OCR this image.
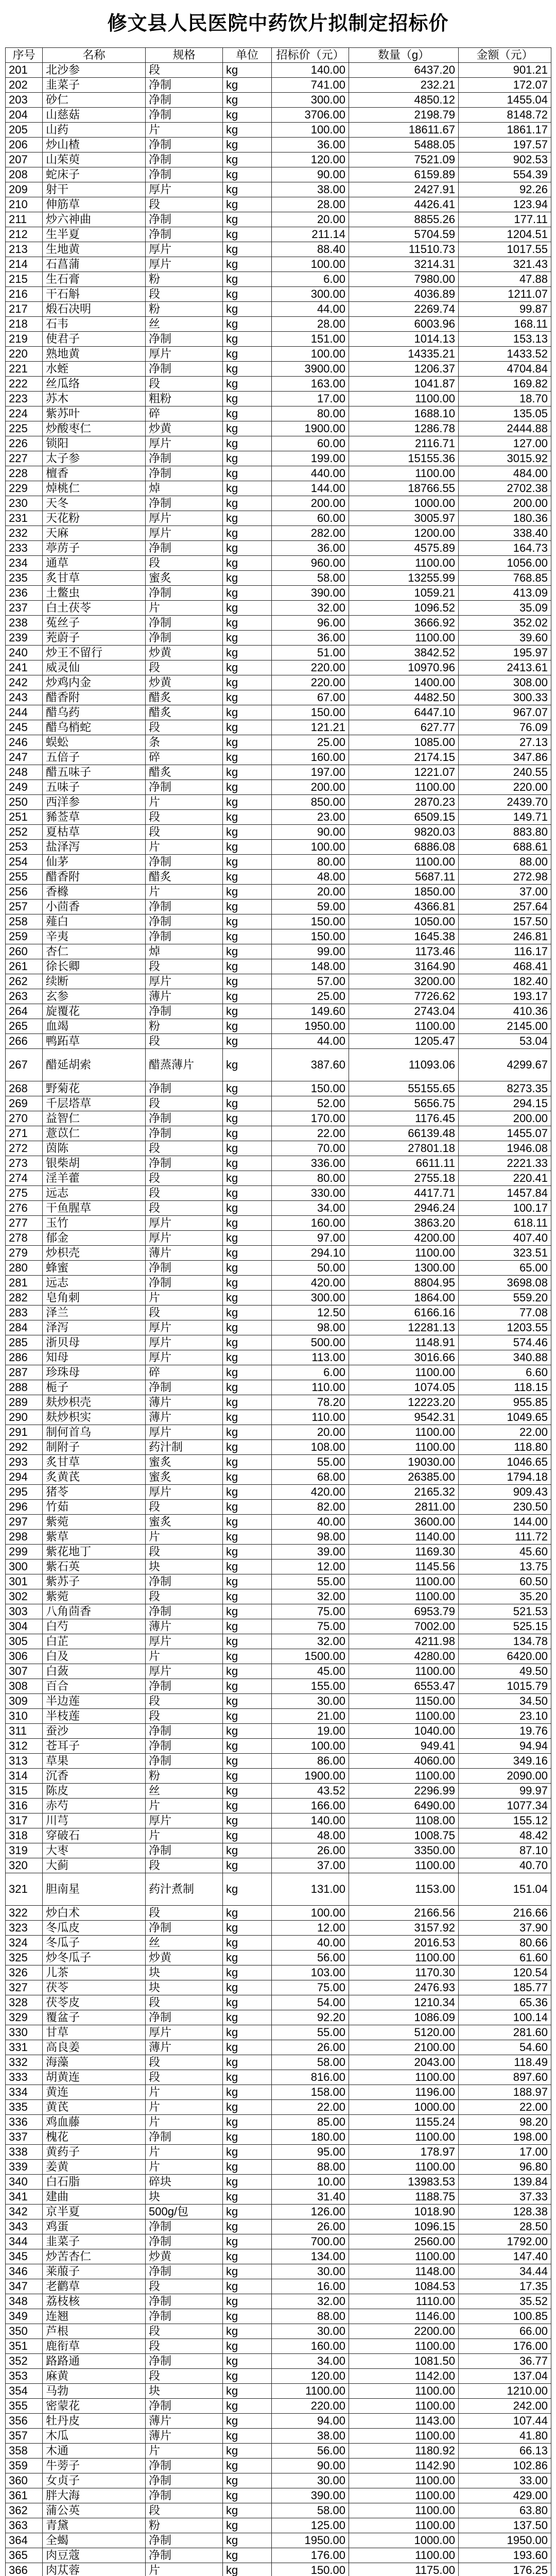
修文县人民医院中药饮片拟制定招标价
序号	名称	规格	单位	招标价（元）	数量（g）	金额（元）
201	北沙参	段	kg	140.00	6437.20	901.21
202	韭菜子	净制	kg	741.00	232.21	172.07
203	砂仁	净制	kg	300.00	4850.12	1455.04
204	山慈菇	净制	kg	3706.00	2198.79	8148.72
205	山药	片	kg	100.00	18611.67	1861.17
206	炒山楂	净制	kg	36.00	5488.05	197.57
207	山茱萸	净制	kg	120.00	7521.09	902.53
208	蛇床子	净制	kg	90.00	6159.89	554.39
209	射干	厚片	kg	38.00	2427.91	92.26
210	伸筋草	段	kg	28.00	4426.41	123.94
211	炒六神曲	净制	kg	20.00	8855.26	177.11
212	生半夏	净制	kg	211.14	5704.59	1204.51
213	生地黄	厚片	kg	88.40	11510.73	1017.55
214	石菖蒲	厚片	kg	100.00	3214.31	321.43
215	生石膏	粉	kg	6.00	7980.00	47.88
216	干石斛	段	kg	300.00	4036.89	1211.07
217	煅石决明	粉	kg	44.00	2269.74	99.87
218	石韦	丝	kg	28.00	6003.96	168.11
219	使君子	净制	kg	151.00	1014.13	153.13
220	熟地黄	厚片	kg	100.00	14335.21	1433.52
221	水蛭	净制	kg	3900.00	1206.37	4704.84
222	丝瓜络	段	kg	163.00	1041.87	169.82
223	苏木	粗粉	kg	17.00	1100.00	18.70
224	紫苏叶	碎	kg	80.00	1688.10	135.05
225	炒酸枣仁	炒黄	kg	1900.00	1286.78	2444.88
226	锁阳	厚片	kg	60.00	2116.71	127.00
227	太子参	净制	kg	199.00	15155.36	3015.92
228	檀香	净制	kg	440.00	1100.00	484.00
229	焯桃仁	焯	kg	144.00	18766.55	2702.38
230	天冬	净制	kg	200.00	1000.00	200.00
231	天花粉	厚片	kg	60.00	3005.97	180.36
232	天麻	厚片	kg	282.00	1200.00	338.40
233	葶苈子	净制	kg	36.00	4575.89	164.73
234	通草	段	kg	960.00	1100.00	1056.00
235	炙甘草	蜜炙	kg	58.00	13255.99	768.85
236	土鳖虫	净制	kg	390.00	1059.21	413.09
237	白土茯苓	片	kg	32.00	1096.52	35.09
238	菟丝子	净制	kg	96.00	3666.92	352.02
239	茺蔚子	净制	kg	36.00	1100.00	39.60
240	炒王不留行	炒黄	kg	51.00	3842.52	195.97
241	威灵仙	段	kg	220.00	10970.96	2413.61
242	炒鸡内金	炒黄	kg	220.00	1400.00	308.00
243	醋香附	醋炙	kg	67.00	4482.50	300.33
244	醋乌药	醋炙	kg	150.00	6447.10	967.07
245	醋乌梢蛇	段	kg	121.21	627.77	76.09
246	蜈蚣	条	kg	25.00	1085.00	27.13
247	五倍子	碎	kg	160.00	2174.15	347.86
248	醋五味子	醋炙	kg	197.00	1221.07	240.55
249	五味子	净制	kg	200.00	1100.00	220.00
250	西洋参	片	kg	850.00	2870.23	2439.70
251	豨莶草	段	kg	23.00	6509.15	149.71
252	夏枯草	段	kg	90.00	9820.03	883.80
253	盐泽泻	片	kg	100.00	6886.08	688.61
254	仙茅	净制	kg	80.00	1100.00	88.00
255	醋香附	醋炙	kg	48.00	5687.11	272.98
256	香橼	片	kg	20.00	1850.00	37.00
257	小茴香	净制	kg	59.00	4366.81	257.64
258	薤白	净制	kg	150.00	1050.00	157.50
259	辛夷	净制	kg	150.00	1645.38	246.81
260	杏仁	焯	kg	99.00	1173.46	116.17
261	徐长卿	段	kg	148.00	3164.90	468.41
262	续断	厚片	kg	57.00	3200.00	182.40
263	玄参	薄片	kg	25.00	7726.62	193.17
264	旋覆花	净制	kg	149.60	2743.04	410.36
265	血竭	粉	kg	1950.00	1100.00	2145.00
266	鸭跖草	段	kg	44.00	1205.47	53.04
267	醋延胡索	醋蒸薄片	kg	387.60	11093.06	4299.67
268	野菊花	净制	kg	150.00	55155.65	8273.35
269	千层塔草	段	kg	52.00	5656.75	294.15
270	益智仁	净制	kg	170.00	1176.45	200.00
271	薏苡仁	净制	kg	22.00	66139.48	1455.07
272	茵陈	段	kg	70.00	27801.18	1946.08
273	银柴胡	净制	kg	336.00	6611.11	2221.33
274	淫羊藿	段	kg	80.00	2755.18	220.41
275	远志	段	kg	330.00	4417.71	1457.84
276	干鱼腥草	段	kg	34.00	2946.24	100.17
277	玉竹	厚片	kg	160.00	3863.20	618.11
278	郁金	厚片	kg	97.00	4200.00	407.40
279	炒枳壳	薄片	kg	294.10	1100.00	323.51
280	蜂蜜	净制	kg	50.00	1300.00	65.00
281	远志	净制	kg	420.00	8804.95	3698.08
282	皂角刺	片	kg	300.00	1864.00	559.20
283	泽兰	段	kg	12.50	6166.16	77.08
284	泽泻	厚片	kg	98.00	12281.13	1203.55
285	浙贝母	厚片	kg	500.00	1148.91	574.46
286	知母	厚片	kg	113.00	3016.66	340.88
287	珍珠母	碎	kg	6.00	1100.00	6.60
288	栀子	净制	kg	110.00	1074.05	118.15
289	麸炒枳壳	薄片	kg	78.20	12223.20	955.85
290	麸炒枳实	薄片	kg	110.00	9542.31	1049.65
291	制何首乌	厚片	kg	20.00	1100.00	22.00
292	制附子	药汁制	kg	108.00	1100.00	118.80
293	炙甘草	蜜炙	kg	55.00	19030.00	1046.65
294	炙黄芪	蜜炙	kg	68.00	26385.00	1794.18
295	猪苓	厚片	kg	420.00	2165.32	909.43
296	竹茹	段	kg	82.00	2811.00	230.50
297	紫菀	蜜炙	kg	40.00	3600.00	144.00
298	紫草	片	kg	98.00	1140.00	111.72
299	紫花地丁	段	kg	39.00	1169.30	45.60
300	紫石英	块	kg	12.00	1145.56	13.75
301	紫苏子	净制	kg	55.00	1100.00	60.50
302	紫菀	段	kg	32.00	1100.00	35.20
303	八角茴香	净制	kg	75.00	6953.79	521.53
304	白芍	薄片	kg	75.00	7002.00	525.15
305	白芷	厚片	kg	32.00	4211.98	134.78
306	白及	片	kg	1500.00	4280.00	6420.00
307	白蔹	厚片	kg	45.00	1100.00	49.50
308	百合	净制	kg	155.00	6553.47	1015.79
309	半边莲	段	kg	30.00	1150.00	34.50
310	半枝莲	段	kg	21.00	1100.00	23.10
311	蚕沙	净制	kg	19.00	1040.00	19.76
312	苍耳子	净制	kg	100.00	949.41	94.94
313	草果	净制	kg	86.00	4060.00	349.16
314	沉香	粉	kg	1900.00	1100.00	2090.00
315	陈皮	丝	kg	43.52	2296.99	99.97
316	赤芍	片	kg	166.00	6490.00	1077.34
317	川芎	厚片	kg	140.00	1108.00	155.12
318	穿破石	片	kg	48.00	1008.75	48.42
319	大枣	净制	kg	26.00	3350.00	87.10
320	大蓟	段	kg	37.00	1100.00	40.70
321	胆南星	药汁煮制	kg	131.00	1153.00	151.04
322	炒白术	段	kg	100.00	2166.56	216.66
323	冬瓜皮	净制	kg	12.00	3157.92	37.90
324	冬瓜子	丝	kg	40.00	2016.53	80.66
325	炒冬瓜子	炒黄	kg	56.00	1100.00	61.60
326	儿茶	块	kg	103.00	1170.30	120.54
327	茯苓	块	kg	75.00	2476.93	185.77
328	茯苓皮	段	kg	54.00	1210.34	65.36
329	覆盆子	净制	kg	92.20	1086.09	100.14
330	甘草	厚片	kg	55.00	5120.00	281.60
331	高良姜	薄片	kg	26.00	2100.00	54.60
332	海藻	段	kg	58.00	2043.00	118.49
333	胡黄连	段	kg	816.00	1100.00	897.60
334	黄连	片	kg	158.00	1196.00	188.97
335	黄芪	片	kg	22.00	1000.00	22.00
336	鸡血藤	片	kg	85.00	1155.24	98.20
337	槐花	净制	kg	180.00	1100.00	198.00
338	黄药子	片	kg	95.00	178.97	17.00
339	姜黄	片	kg	88.00	1100.00	96.80
340	白石脂	碎块	kg	10.00	13983.53	139.84
341	建曲	块	kg	31.40	1188.75	37.33
342	京半夏	500g/包	kg	126.00	1018.90	128.38
343	鸡蛋	净制	kg	26.00	1096.15	28.50
344	韭菜子	净制	kg	700.00	2560.00	1792.00
345	炒苦杏仁	炒黄	kg	134.00	1100.00	147.40
346	莱菔子	净制	kg	30.00	1148.00	34.44
347	老鹳草	段	kg	16.00	1084.53	17.35
348	荔枝核	净制	kg	32.00	1110.00	35.52
349	连翘	净制	kg	88.00	1146.00	100.85
350	芦根	段	kg	30.00	2200.00	66.00
351	鹿衔草	段	kg	160.00	1100.00	176.00
352	路路通	净制	kg	34.00	1081.50	36.77
353	麻黄	段	kg	120.00	1142.00	137.04
354	马勃	块	kg	1100.00	1100.00	1210.00
355	密蒙花	净制	kg	220.00	1100.00	242.00
356	牡丹皮	薄片	kg	94.00	1143.00	107.44
357	木瓜	薄片	kg	38.00	1100.00	41.80
358	木通	片	kg	56.00	1180.92	66.13
359	牛蒡子	净制	kg	90.00	1142.90	102.86
360	女贞子	净制	kg	30.00	1100.00	33.00
361	胖大海	净制	kg	390.00	1100.00	429.00
362	蒲公英	段	kg	58.00	1100.00	63.80
363	青黛	粉	kg	125.00	1100.00	137.50
364	全蝎	净制	kg	1950.00	1000.00	1950.00
365	肉豆蔻	净制	kg	176.00	1100.00	193.60
366	肉苁蓉	片	kg	150.00	1175.00	176.25
